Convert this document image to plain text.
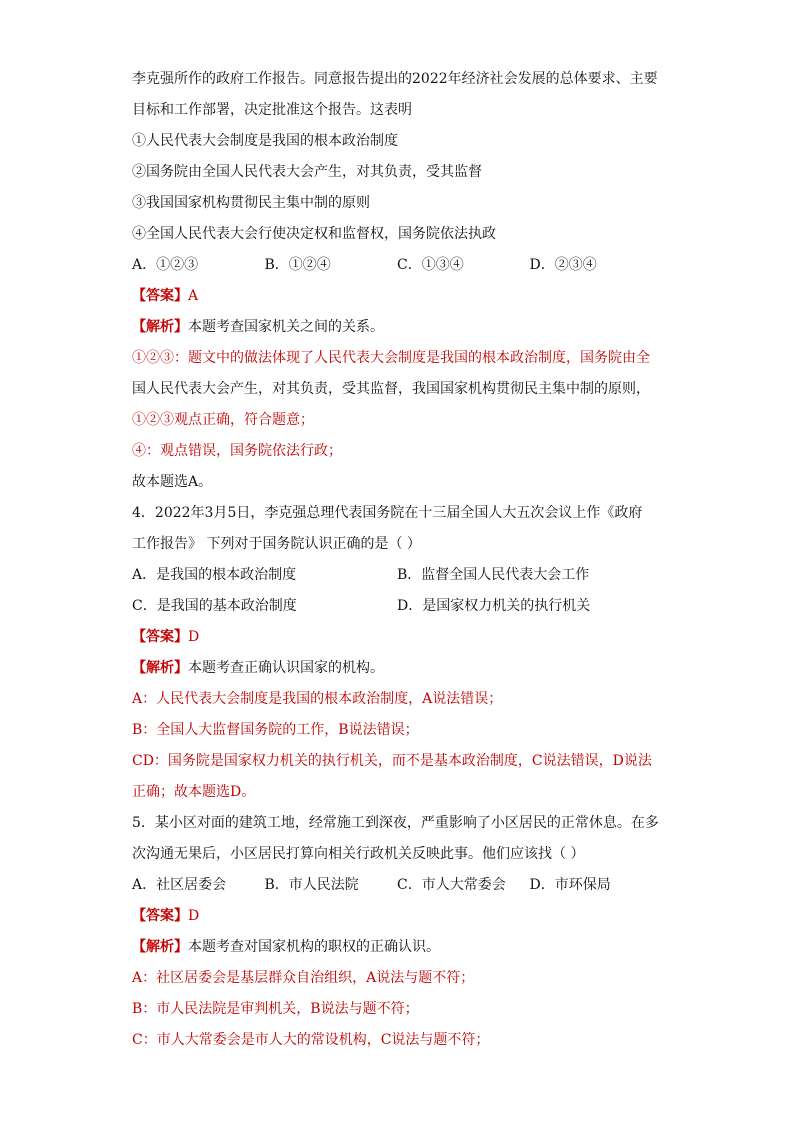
李克强所作的政府工作报告。同意报告提出的2022年经济社会发展的总体要求、主要
目标和工作部署，决定批准这个报告。这表明
①人民代表大会制度是我国的根本政治制度
②国务院由全国人民代表大会产生，对其负责，受其监督
③我国国家机构贯彻民主集中制的原则
④全国人民代表大会行使决定权和监督权，国务院依法执政
A．①②③	B．①②④	C．①③④	D．②③④
【答案】A
【解析】本题考查国家机关之间的关系。
①②③：题文中的做法体现了人民代表大会制度是我国的根本政治制度，国务院由全
国人民代表大会产生，对其负责，受其监督，我国国家机构贯彻民主集中制的原则，
①②③观点正确，符合题意；
④：观点错误，国务院依法行政；
故本题选A。
4．2022年3月5日，李克强总理代表国务院在十三届全国人大五次会议上作《政府
工作报告》 下列对于国务院认识正确的是（ ）
A．是我国的根本政治制度	B．监督全国人民代表大会工作
C．是我国的基本政治制度	D．是国家权力机关的执行机关
【答案】D
【解析】本题考查正确认识国家的机构。
A：人民代表大会制度是我国的根本政治制度，A说法错误；
B：全国人大监督国务院的工作，B说法错误；
CD：国务院是国家权力机关的执行机关，而不是基本政治制度，C说法错误，D说法
正确；故本题选D。
5．某小区对面的建筑工地，经常施工到深夜，严重影响了小区居民的正常休息。在多
次沟通无果后，小区居民打算向相关行政机关反映此事。他们应该找（ ）
A．社区居委会	B．市人民法院	C．市人大常委会	D．市环保局
【答案】D
【解析】本题考查对国家机构的职权的正确认识。
A：社区居委会是基层群众自治组织，A说法与题不符；
B：市人民法院是审判机关，B说法与题不符；
C：市人大常委会是市人大的常设机构，C说法与题不符；
